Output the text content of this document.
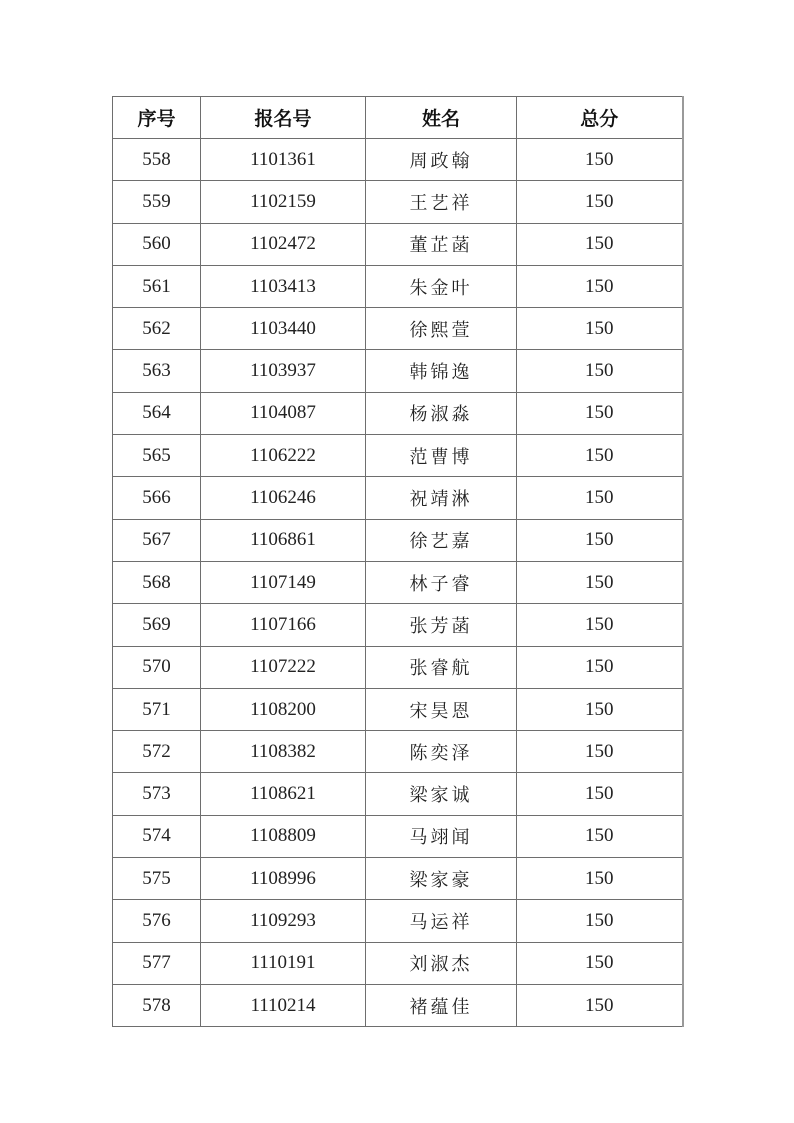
序号	报名号	姓名	总分
558	1101361	周政翰	150
559	1102159	王艺祥	150
560	1102472	董芷菡	150
561	1103413	朱金叶	150
562	1103440	徐熙萱	150
563	1103937	韩锦逸	150
564	1104087	杨淑淼	150
565	1106222	范曹博	150
566	1106246	祝靖淋	150
567	1106861	徐艺嘉	150
568	1107149	林子睿	150
569	1107166	张芳菡	150
570	1107222	张睿航	150
571	1108200	宋昊恩	150
572	1108382	陈奕泽	150
573	1108621	梁家诚	150
574	1108809	马翊闻	150
575	1108996	梁家豪	150
576	1109293	马运祥	150
577	1110191	刘淑杰	150
578	1110214	褚蕴佳	150
